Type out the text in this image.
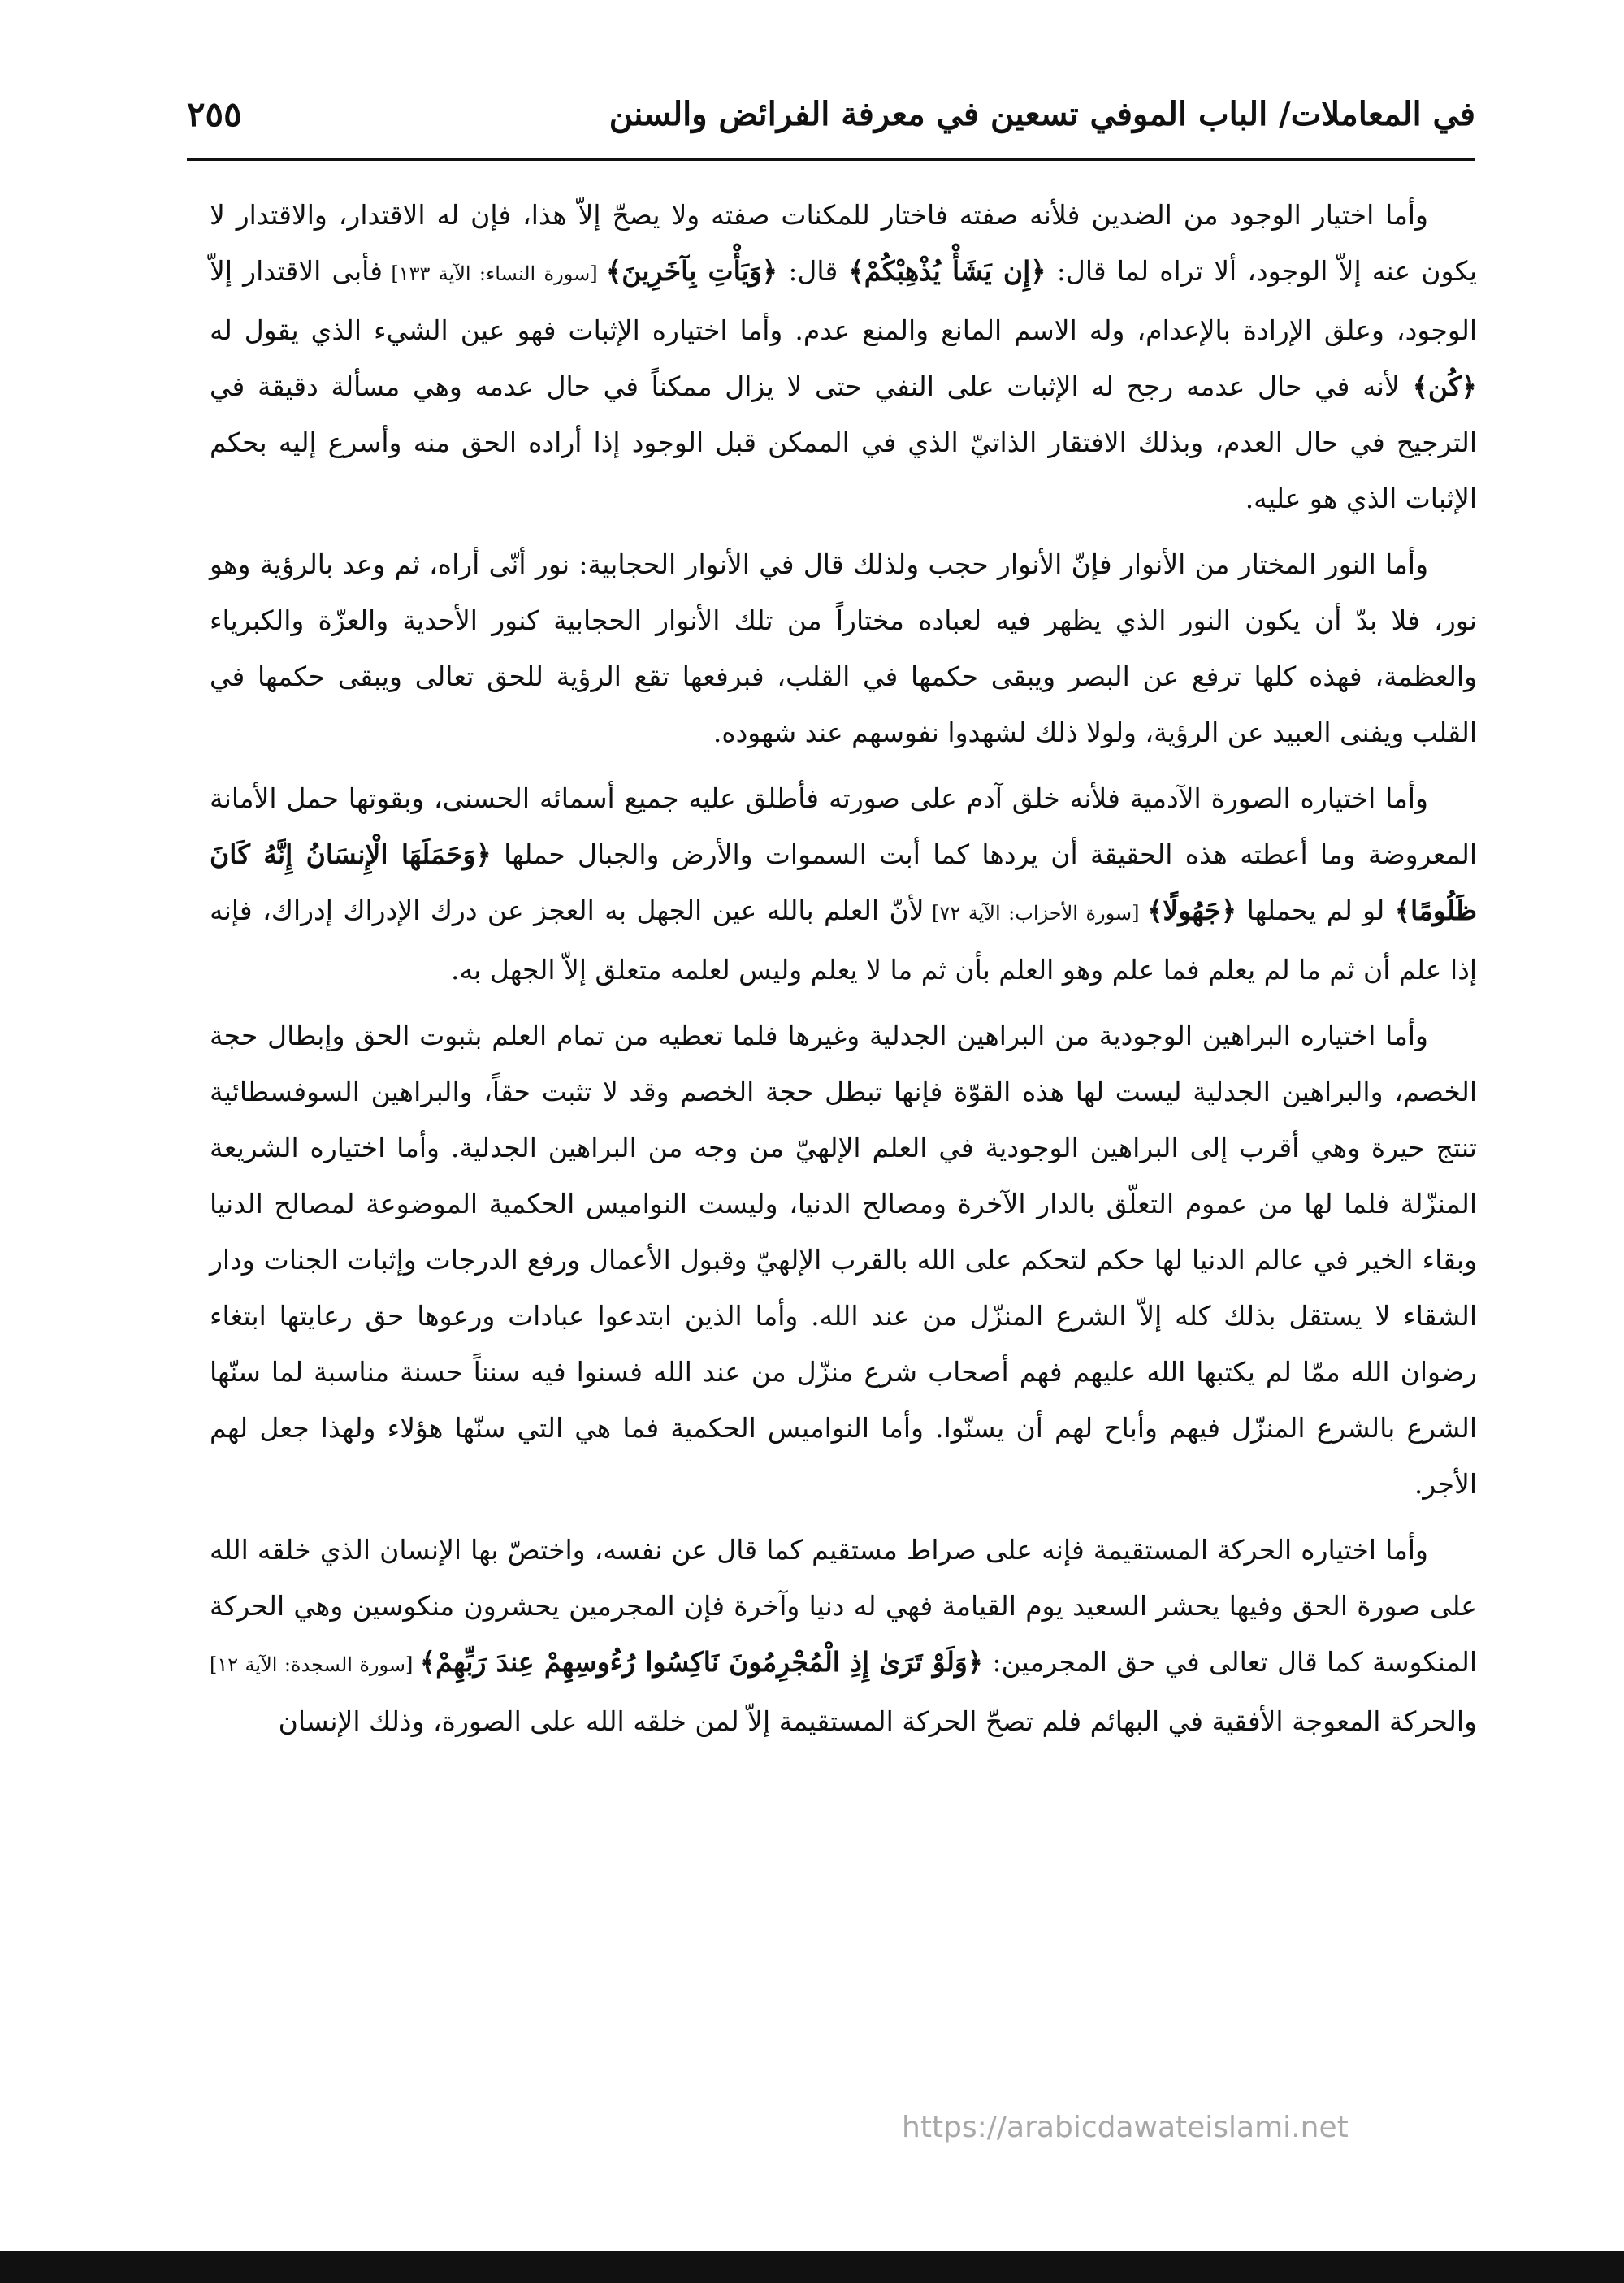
في المعاملات/ الباب الموفي تسعين في معرفة الفرائض والسنن
٢٥٥

وأما اختيار الوجود من الضدين فلأنه صفته فاختار للمكنات صفته ولا يصحّ إلاّ هذا، فإن له الاقتدار، والاقتدار لا يكون عنه إلاّ الوجود، ألا تراه لما قال: ﴿إِن يَشَأْ يُذْهِبْكُمْ﴾ قال: ﴿وَيَأْتِ بِآخَرِينَ﴾ [سورة النساء: الآية ١٣٣] فأبى الاقتدار إلاّ الوجود، وعلق الإرادة بالإعدام، وله الاسم المانع والمنع عدم. وأما اختياره الإثبات فهو عين الشيء الذي يقول له ﴿كُن﴾ لأنه في حال عدمه رجح له الإثبات على النفي حتى لا يزال ممكناً في حال عدمه وهي مسألة دقيقة في الترجيح في حال العدم، وبذلك الافتقار الذاتيّ الذي في الممكن قبل الوجود إذا أراده الحق منه وأسرع إليه بحكم الإثبات الذي هو عليه.

وأما النور المختار من الأنوار فإنّ الأنوار حجب ولذلك قال في الأنوار الحجابية: نور أنّى أراه، ثم وعد بالرؤية وهو نور، فلا بدّ أن يكون النور الذي يظهر فيه لعباده مختاراً من تلك الأنوار الحجابية كنور الأحدية والعزّة والكبرياء والعظمة، فهذه كلها ترفع عن البصر ويبقى حكمها في القلب، فبرفعها تقع الرؤية للحق تعالى ويبقى حكمها في القلب ويفنى العبيد عن الرؤية، ولولا ذلك لشهدوا نفوسهم عند شهوده.

وأما اختياره الصورة الآدمية فلأنه خلق آدم على صورته فأطلق عليه جميع أسمائه الحسنى، وبقوتها حمل الأمانة المعروضة وما أعطته هذه الحقيقة أن يردها كما أبت السموات والأرض والجبال حملها ﴿وَحَمَلَهَا الْإِنسَانُ إِنَّهُ كَانَ ظَلُومًا﴾ لو لم يحملها ﴿جَهُولًا﴾ [سورة الأحزاب: الآية ٧٢] لأنّ العلم بالله عين الجهل به العجز عن درك الإدراك إدراك، فإنه إذا علم أن ثم ما لم يعلم فما علم وهو العلم بأن ثم ما لا يعلم وليس لعلمه متعلق إلاّ الجهل به.

وأما اختياره البراهين الوجودية من البراهين الجدلية وغيرها فلما تعطيه من تمام العلم بثبوت الحق وإبطال حجة الخصم، والبراهين الجدلية ليست لها هذه القوّة فإنها تبطل حجة الخصم وقد لا تثبت حقاً، والبراهين السوفسطائية تنتج حيرة وهي أقرب إلى البراهين الوجودية في العلم الإلهيّ من وجه من البراهين الجدلية. وأما اختياره الشريعة المنزّلة فلما لها من عموم التعلّق بالدار الآخرة ومصالح الدنيا، وليست النواميس الحكمية الموضوعة لمصالح الدنيا وبقاء الخير في عالم الدنيا لها حكم لتحكم على الله بالقرب الإلهيّ وقبول الأعمال ورفع الدرجات وإثبات الجنات ودار الشقاء لا يستقل بذلك كله إلاّ الشرع المنزّل من عند الله. وأما الذين ابتدعوا عبادات ورعوها حق رعايتها ابتغاء رضوان الله ممّا لم يكتبها الله عليهم فهم أصحاب شرع منزّل من عند الله فسنوا فيه سنناً حسنة مناسبة لما سنّها الشرع بالشرع المنزّل فيهم وأباح لهم أن يسنّوا. وأما النواميس الحكمية فما هي التي سنّها هؤلاء ولهذا جعل لهم الأجر.

وأما اختياره الحركة المستقيمة فإنه على صراط مستقيم كما قال عن نفسه، واختصّ بها الإنسان الذي خلقه الله على صورة الحق وفيها يحشر السعيد يوم القيامة فهي له دنيا وآخرة فإن المجرمين يحشرون منكوسين وهي الحركة المنكوسة كما قال تعالى في حق المجرمين: ﴿وَلَوْ تَرَىٰ إِذِ الْمُجْرِمُونَ نَاكِسُوا رُءُوسِهِمْ عِندَ رَبِّهِمْ﴾ [سورة السجدة: الآية ١٢] والحركة المعوجة الأفقية في البهائم فلم تصحّ الحركة المستقيمة إلاّ لمن خلقه الله على الصورة، وذلك الإنسان

https://arabicdawateislami.net
